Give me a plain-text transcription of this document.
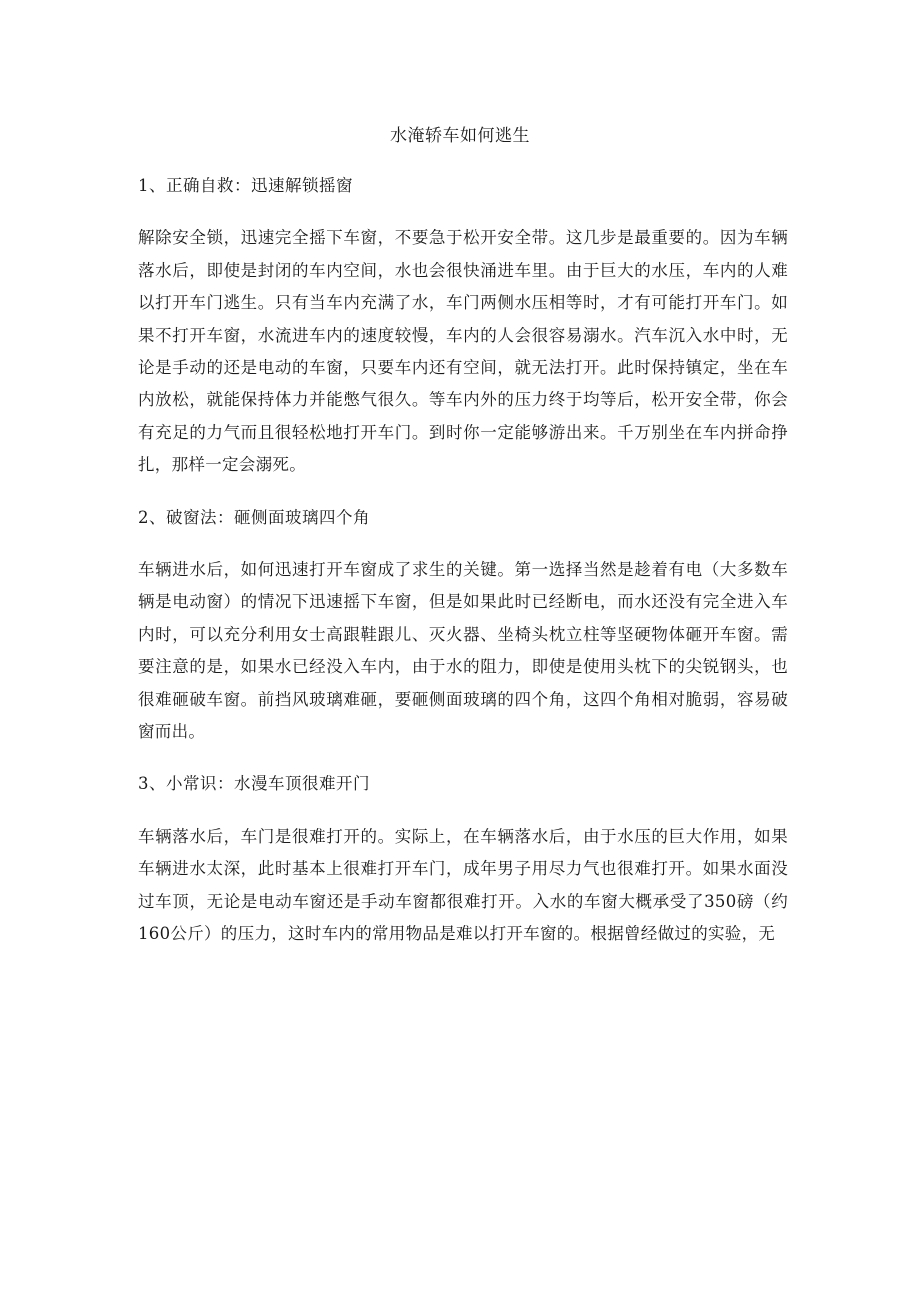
水淹轿车如何逃生
1、正确自救：迅速解锁摇窗
解除安全锁，迅速完全摇下车窗，不要急于松开安全带。这几步是最重要的。因为车辆落水后，即使是封闭的车内空间，水也会很快涌进车里。由于巨大的水压，车内的人难以打开车门逃生。只有当车内充满了水，车门两侧水压相等时，才有可能打开车门。如果不打开车窗，水流进车内的速度较慢，车内的人会很容易溺水。汽车沉入水中时，无论是手动的还是电动的车窗，只要车内还有空间，就无法打开。此时保持镇定，坐在车内放松，就能保持体力并能憋气很久。等车内外的压力终于均等后，松开安全带，你会有充足的力气而且很轻松地打开车门。到时你一定能够游出来。千万别坐在车内拼命挣扎，那样一定会溺死。
2、破窗法：砸侧面玻璃四个角
车辆进水后，如何迅速打开车窗成了求生的关键。第一选择当然是趁着有电（大多数车辆是电动窗）的情况下迅速摇下车窗，但是如果此时已经断电，而水还没有完全进入车内时，可以充分利用女士高跟鞋跟儿、灭火器、坐椅头枕立柱等坚硬物体砸开车窗。需要注意的是，如果水已经没入车内，由于水的阻力，即使是使用头枕下的尖锐钢头，也很难砸破车窗。前挡风玻璃难砸，要砸侧面玻璃的四个角，这四个角相对脆弱，容易破窗而出。
3、小常识：水漫车顶很难开门
车辆落水后，车门是很难打开的。实际上，在车辆落水后，由于水压的巨大作用，如果车辆进水太深，此时基本上很难打开车门，成年男子用尽力气也很难打开。如果水面没过车顶，无论是电动车窗还是手动车窗都很难打开。入水的车窗大概承受了350磅（约160公斤）的压力，这时车内的常用物品是难以打开车窗的。根据曾经做过的实验，无
